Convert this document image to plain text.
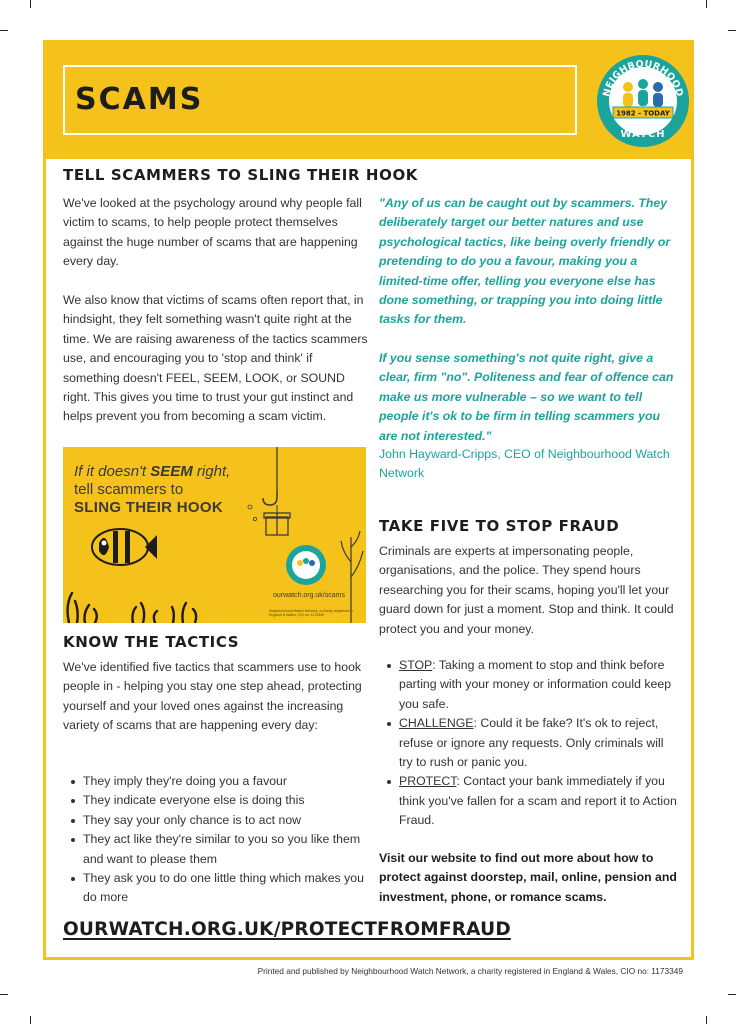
SCAMS	NEIGHBOURHOOD
1982 - TODAY
WATCH
TELL SCAMMERS TO SLING THEIR HOOK

We've looked at the psychology around why people fall victim to scams, to help people protect themselves against the huge number of scams that are happening every day.

We also know that victims of scams often report that, in hindsight, they felt something wasn't quite right at the time. We are raising awareness of the tactics scammers use, and encouraging you to 'stop and think' if something doesn't FEEL, SEEM, LOOK, or SOUND right. This gives you time to trust your gut instinct and helps prevent you from becoming a scam victim.

"Any of us can be caught out by scammers. They deliberately target our better natures and use psychological tactics, like being overly friendly or pretending to do you a favour, making you a limited-time offer, telling you everyone else has done something, or trapping you into doing little tasks for them.

If you sense something's not quite right, give a clear, firm "no". Politeness and fear of offence can make us more vulnerable – so we want to tell people it's ok to be firm in telling scammers you are not interested."

John Hayward-Cripps, CEO of Neighbourhood Watch Network

If it doesn't SEEM right,
tell scammers to
SLING THEIR HOOK
ourwatch.org.uk/scams
Neighbourhood Watch Network, a charity registered in England & Wales, CIO no: 1173349
KNOW THE TACTICS

We've identified five tactics that scammers use to hook people in - helping you stay one step ahead, protecting yourself and your loved ones against the increasing variety of scams that are happening every day:

They imply they're doing you a favour
They indicate everyone else is doing this
They say your only chance is to act now
They act like they're similar to you so you like them and want to please them
They ask you to do one little thing which makes you do more
TAKE FIVE TO STOP FRAUD

Criminals are experts at impersonating people, organisations, and the police. They spend hours researching you for their scams, hoping you'll let your guard down for just a moment. Stop and think. It could protect you and your money.

STOP: Taking a moment to stop and think before parting with your money or information could keep you safe.
CHALLENGE: Could it be fake? It's ok to reject, refuse or ignore any requests. Only criminals will try to rush or panic you.
PROTECT: Contact your bank immediately if you think you've fallen for a scam and report it to Action Fraud.

Visit our website to find out more about how to protect against doorstep, mail, online, pension and investment, phone, or romance scams.

OURWATCH.ORG.UK/PROTECTFROMFRAUD
Printed and published by Neighbourhood Watch Network, a charity registered in England & Wales, CIO no: 1173349
